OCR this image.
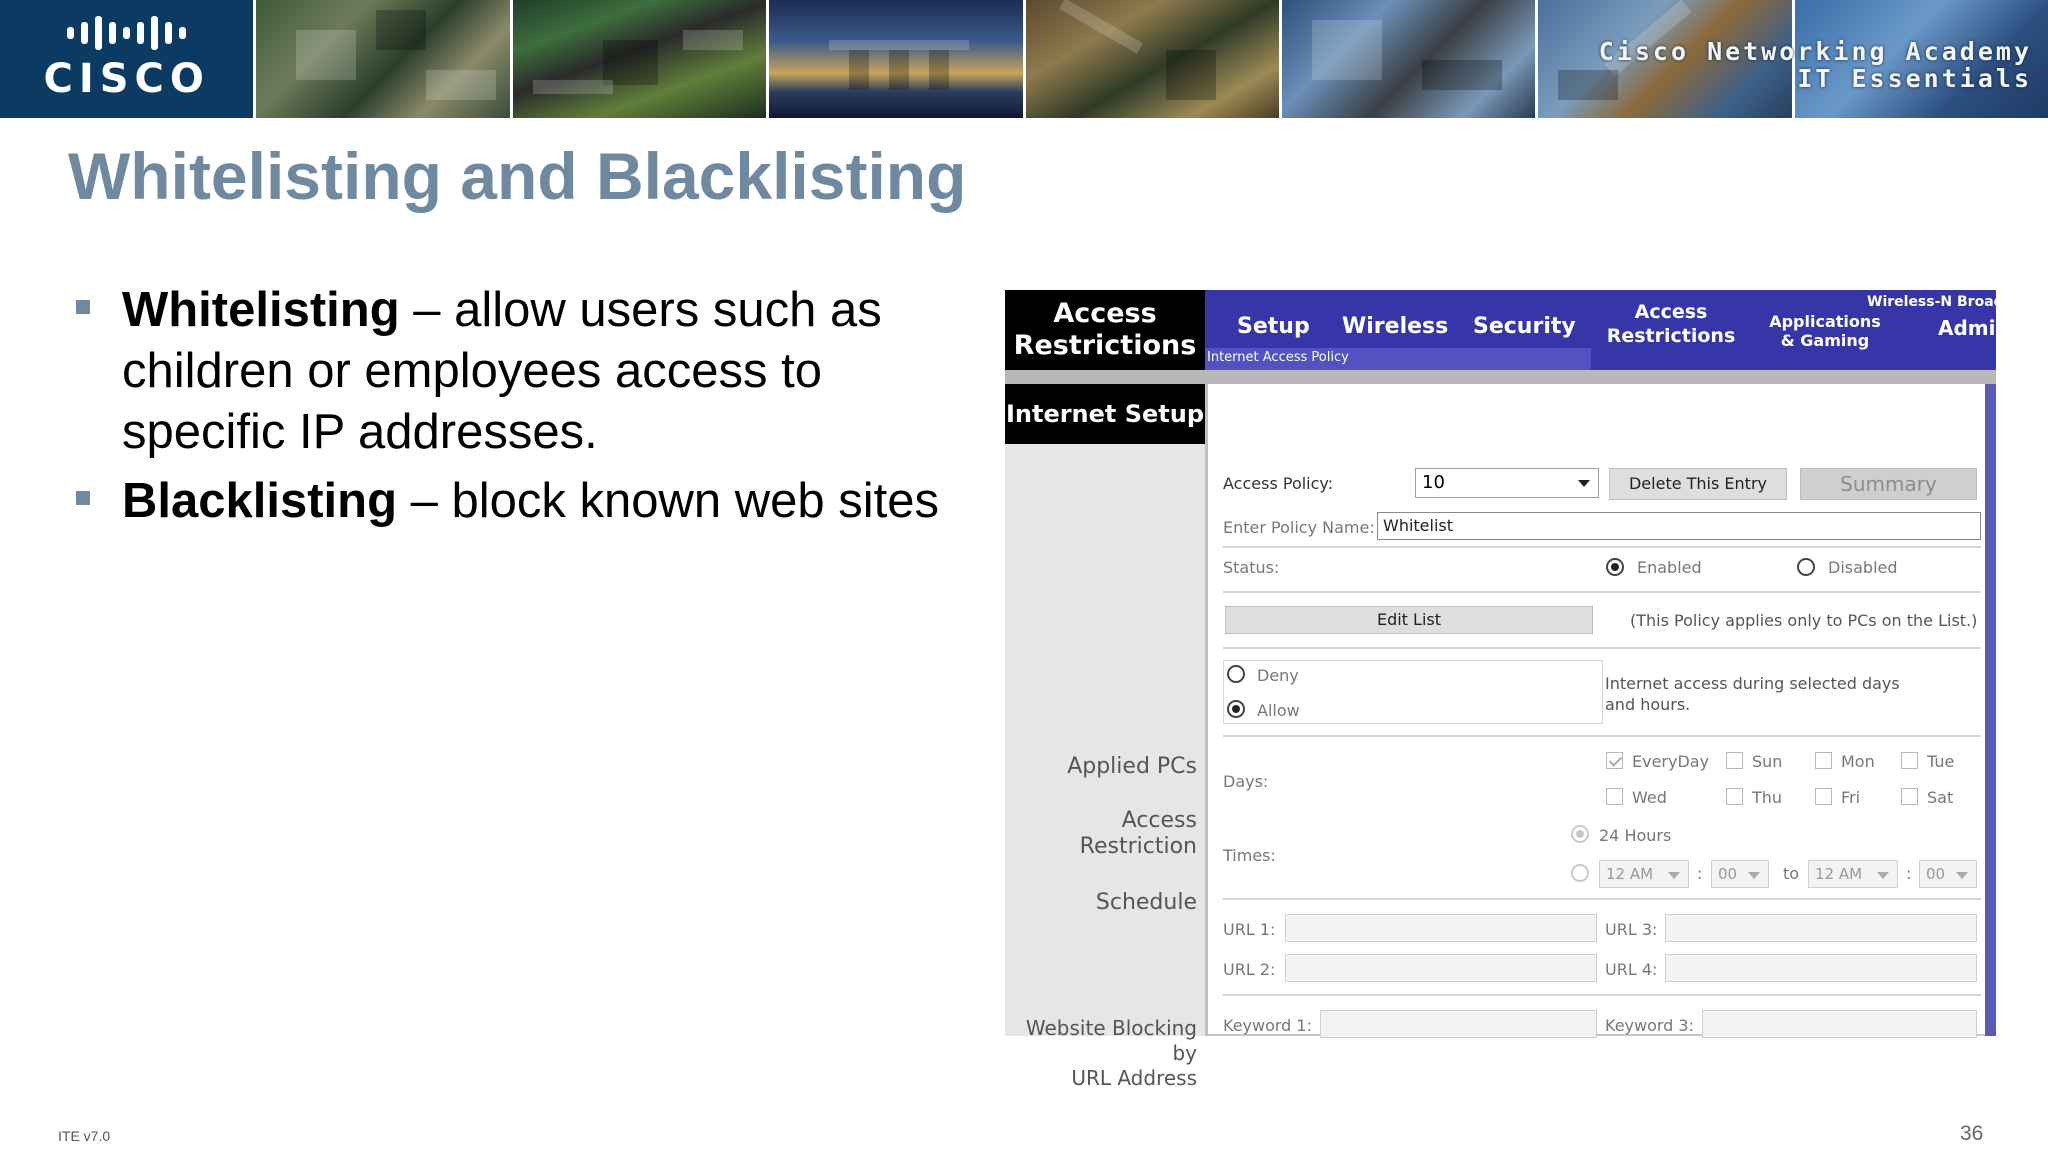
CISCO
Cisco Networking Academy
IT Essentials
Whitelisting and Blacklisting
Whitelisting – allow users such as children or employees access to specific IP addresses.
Blacklisting – block known web sites
Access
Restrictions
Setup Wireless Security
Access
Restrictions
Applications
& Gaming
Admin
Wireless-N Broad
Internet Access Policy
Internet Setup
Applied PCs
Access Restriction
Schedule
Website Blocking by
URL Address
Access Policy:	10	Delete This Entry	Summary
Enter Policy Name: Whitelist
Status:	Enabled	Disabled
Edit List	(This Policy applies only to PCs on the List.)
Deny
Allow
Internet access during selected days
and hours.
Days:
EveryDay	Sun	Mon	Tue
Wed	Thu	Fri	Sat
Times:
24 Hours
12 AM	:	00	to	12 AM	: 00
URL 1:	URL 3:
URL 2:	URL 4:
Keyword 1:	Keyword 3:
ITE v7.0	36
